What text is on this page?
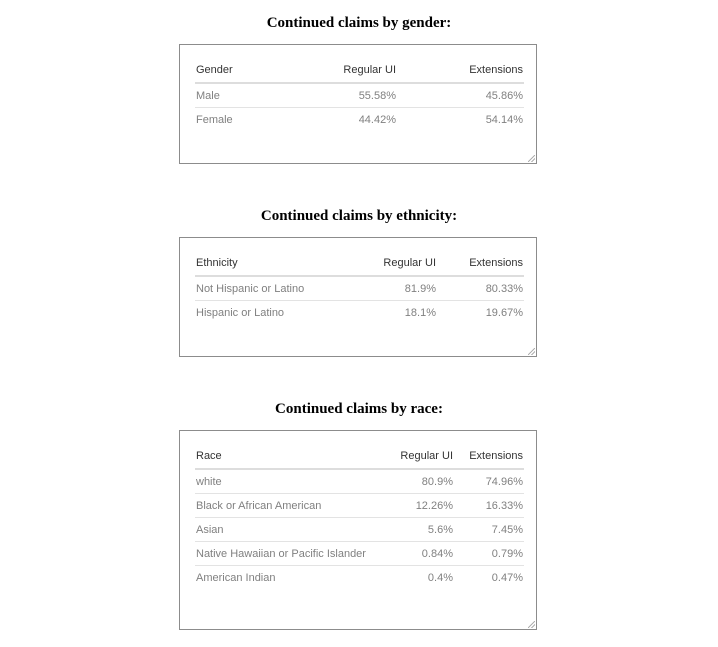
Continued claims by gender:
Gender	Regular UI	Extensions
Male	55.58%	45.86%
Female	44.42%	54.14%
Continued claims by ethnicity:
Ethnicity	Regular UI	Extensions
Not Hispanic or Latino	81.9%	80.33%
Hispanic or Latino	18.1%	19.67%
Continued claims by race:
Race	Regular UI	Extensions
white	80.9%	74.96%
Black or African American	12.26%	16.33%
Asian	5.6%	7.45%
Native Hawaiian or Pacific Islander	0.84%	0.79%
American Indian	0.4%	0.47%
